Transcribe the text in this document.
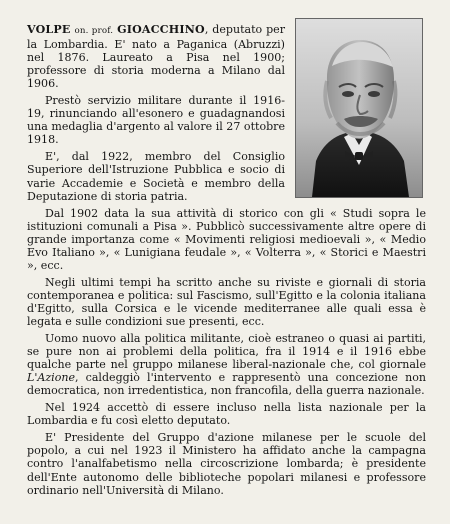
VOLPE on. prof. GIOACCHINO, deputato per la Lombardia. E' nato a Paganica (Abruzzi) nel 1876. Laureato a Pisa nel 1900; professore di storia moderna a Milano dal 1906.

Prestò servizio militare durante il 1916-19, rinunciando all'esonero e guadagnandosi una medaglia d'argento al valore il 27 ottobre 1918.

E', dal 1922, membro del Consiglio Superiore dell'Istruzione Pubblica e socio di varie Accademie e Società e membro della Deputazione di storia patria.

Dal 1902 data la sua attività di storico con gli « Studi sopra le istituzioni comunali a Pisa ». Pubblicò successivamente altre opere di grande importanza come « Movimenti religiosi medioevali », « Medio Evo Italiano », « Lunigiana feudale », « Volterra », « Storici e Maestri », ecc.

Negli ultimi tempi ha scritto anche su riviste e giornali di storia contemporanea e politica: sul Fascismo, sull'Egitto e la colonia italiana d'Egitto, sulla Corsica e le vicende mediterranee alle quali essa è legata e sulle condizioni sue presenti, ecc.

Uomo nuovo alla politica militante, cioè estraneo o quasi ai partiti, se pure non ai problemi della politica, fra il 1914 e il 1916 ebbe qualche parte nel gruppo milanese liberal-nazionale che, col giornale L'Azione, caldeggiò l'intervento e rappresentò una concezione non democratica, non irredentistica, non francofila, della guerra nazionale.

Nel 1924 accettò di essere incluso nella lista nazionale per la Lombardia e fu così eletto deputato.

E' Presidente del Gruppo d'azione milanese per le scuole del popolo, a cui nel 1923 il Ministero ha affidato anche la campagna contro l'analfabetismo nella circoscrizione lombarda; è presidente dell'Ente autonomo delle biblioteche popolari milanesi e professore ordinario nell'Università di Milano.
